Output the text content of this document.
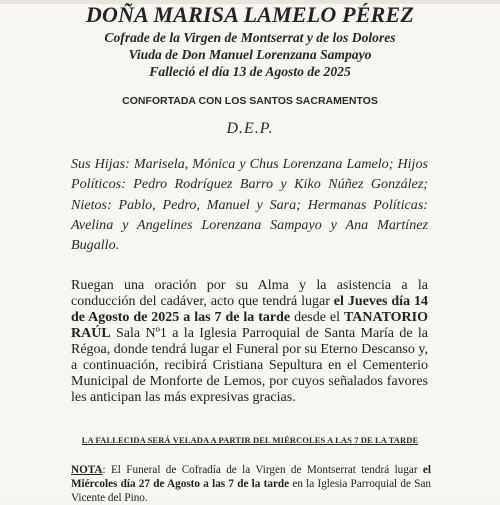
DOÑA MARISA LAMELO PÉREZ
Cofrade de la Virgen de Montserrat y de los Dolores
Viuda de Don Manuel Lorenzana Sampayo
Falleció el día 13 de Agosto de 2025
CONFORTADA CON LOS SANTOS SACRAMENTOS
D.E.P.
Sus Hijas: Marisela, Mónica y Chus Lorenzana Lamelo; Hijos Políticos: Pedro Rodríguez Barro y Kiko Núñez González; Nietos: Pablo, Pedro, Manuel y Sara; Hermanas Políticas: Avelina y Angelines Lorenzana Sampayo y Ana Martínez Bugallo.
Ruegan una oración por su Alma y la asistencia a la conducción del cadáver, acto que tendrá lugar el Jueves día 14 de Agosto de 2025 a las 7 de la tarde desde el TANATORIO RAÚL Sala Nº1 a la Iglesia Parroquial de Santa María de la Régoa, donde tendrá lugar el Funeral por su Eterno Descanso y, a continuación, recibirá Cristiana Sepultura en el Cementerio Municipal de Monforte de Lemos, por cuyos señalados favores les anticipan las más expresivas gracias.
LA FALLECIDA SERÁ VELADA A PARTIR DEL MIÉRCOLES A LAS 7 DE LA TARDE
NOTA: El Funeral de Cofradía de la Virgen de Montserrat tendrá lugar el Miércoles día 27 de Agosto a las 7 de la tarde en la Iglesia Parroquial de San Vicente del Pino.
